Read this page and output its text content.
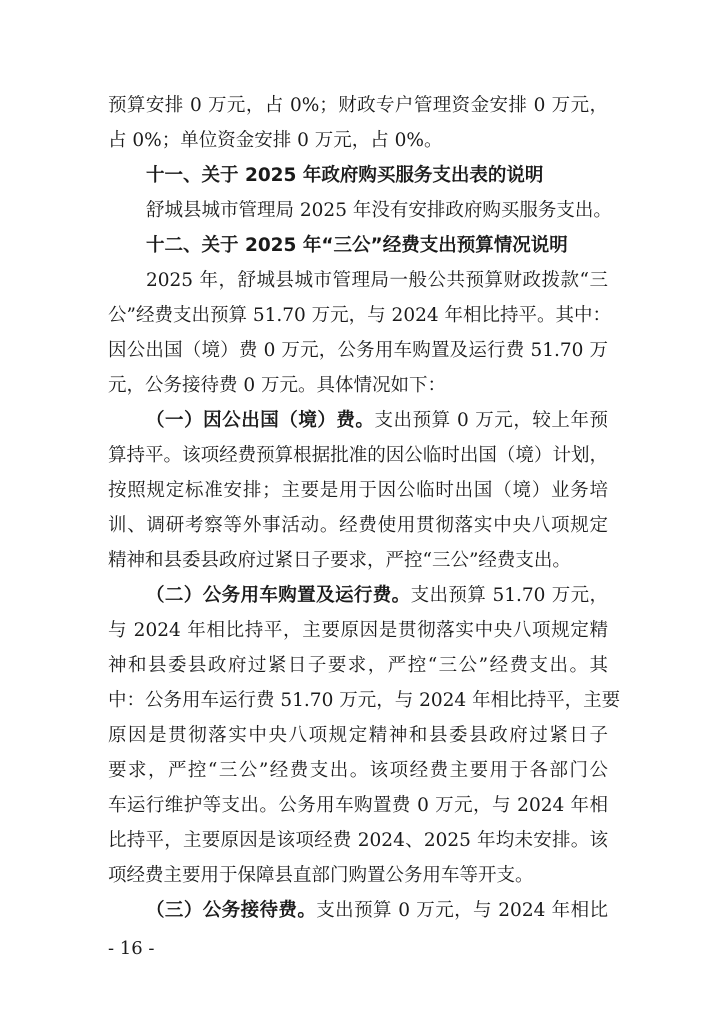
预算安排 0 万元，占 0%；财政专户管理资金安排 0 万元，
占 0%；单位资金安排 0 万元，占 0%。
十一、关于 2025 年政府购买服务支出表的说明
舒城县城市管理局 2025 年没有安排政府购买服务支出。
十二、关于 2025 年“三公”经费支出预算情况说明
2025 年，舒城县城市管理局一般公共预算财政拨款“三
公”经费支出预算 51.70 万元，与 2024 年相比持平。其中：
因公出国（境）费 0 万元，公务用车购置及运行费 51.70 万
元，公务接待费 0 万元。具体情况如下：
（一）因公出国（境）费。支出预算 0 万元，较上年预
算持平。该项经费预算根据批准的因公临时出国（境）计划，
按照规定标准安排；主要是用于因公临时出国（境）业务培
训、调研考察等外事活动。经费使用贯彻落实中央八项规定
精神和县委县政府过紧日子要求，严控“三公”经费支出。
（二）公务用车购置及运行费。支出预算 51.70 万元，
与 2024 年相比持平，主要原因是贯彻落实中央八项规定精
神和县委县政府过紧日子要求，严控“三公”经费支出。其
中：公务用车运行费 51.70 万元，与 2024 年相比持平，主要
原因是贯彻落实中央八项规定精神和县委县政府过紧日子
要求，严控“三公”经费支出。该项经费主要用于各部门公
车运行维护等支出。公务用车购置费 0 万元，与 2024 年相
比持平，主要原因是该项经费 2024、2025 年均未安排。该
项经费主要用于保障县直部门购置公务用车等开支。
（三）公务接待费。支出预算 0 万元，与 2024 年相比
- 16 -
